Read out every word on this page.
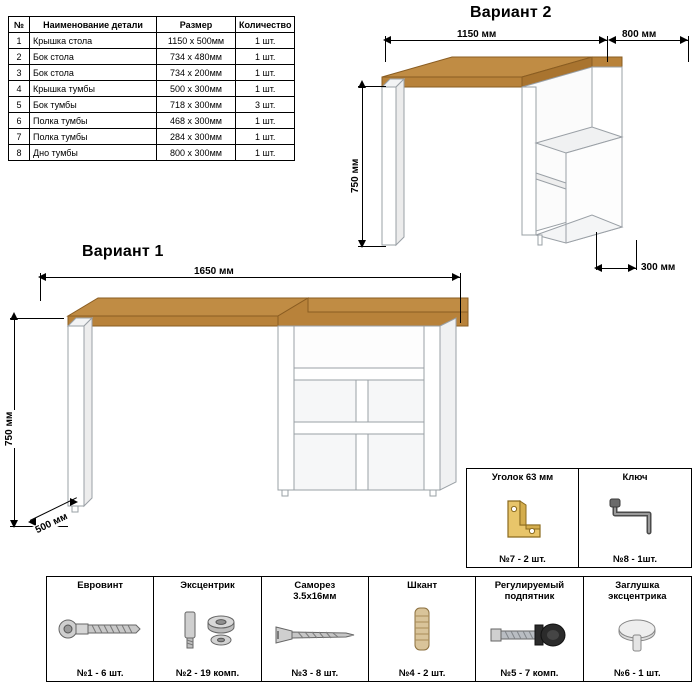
№	Наименование детали	Размер	Количество
1	Крышка стола	1150 x 500мм	1 шт.
2	Бок стола	734 x 480мм	1 шт.
3	Бок стола	734 x 200мм	1 шт.
4	Крышка тумбы	500 x 300мм	1 шт.
5	Бок тумбы	718 x 300мм	3 шт.
6	Полка тумбы	468 x 300мм	1 шт.
7	Полка тумбы	284 x 300мм	1 шт.
8	Дно тумбы	800 x 300мм	1 шт.
Вариант 2
1150 мм	800 мм
750 мм
300 мм
Вариант 1
1650 мм
750 мм
500 мм
Уголок 63 мм
№7 - 2 шт.
Ключ
№8 - 1шт.
Евровинт
№1 - 6 шт.
Эксцентрик
№2 - 19 комп.
Саморез
3.5x16мм
№3 - 8 шт.
Шкант
№4 - 2 шт.
Регулируемый
подпятник
№5 - 7 комп.
Заглушка
эксцентрика
№6 - 1 шт.
